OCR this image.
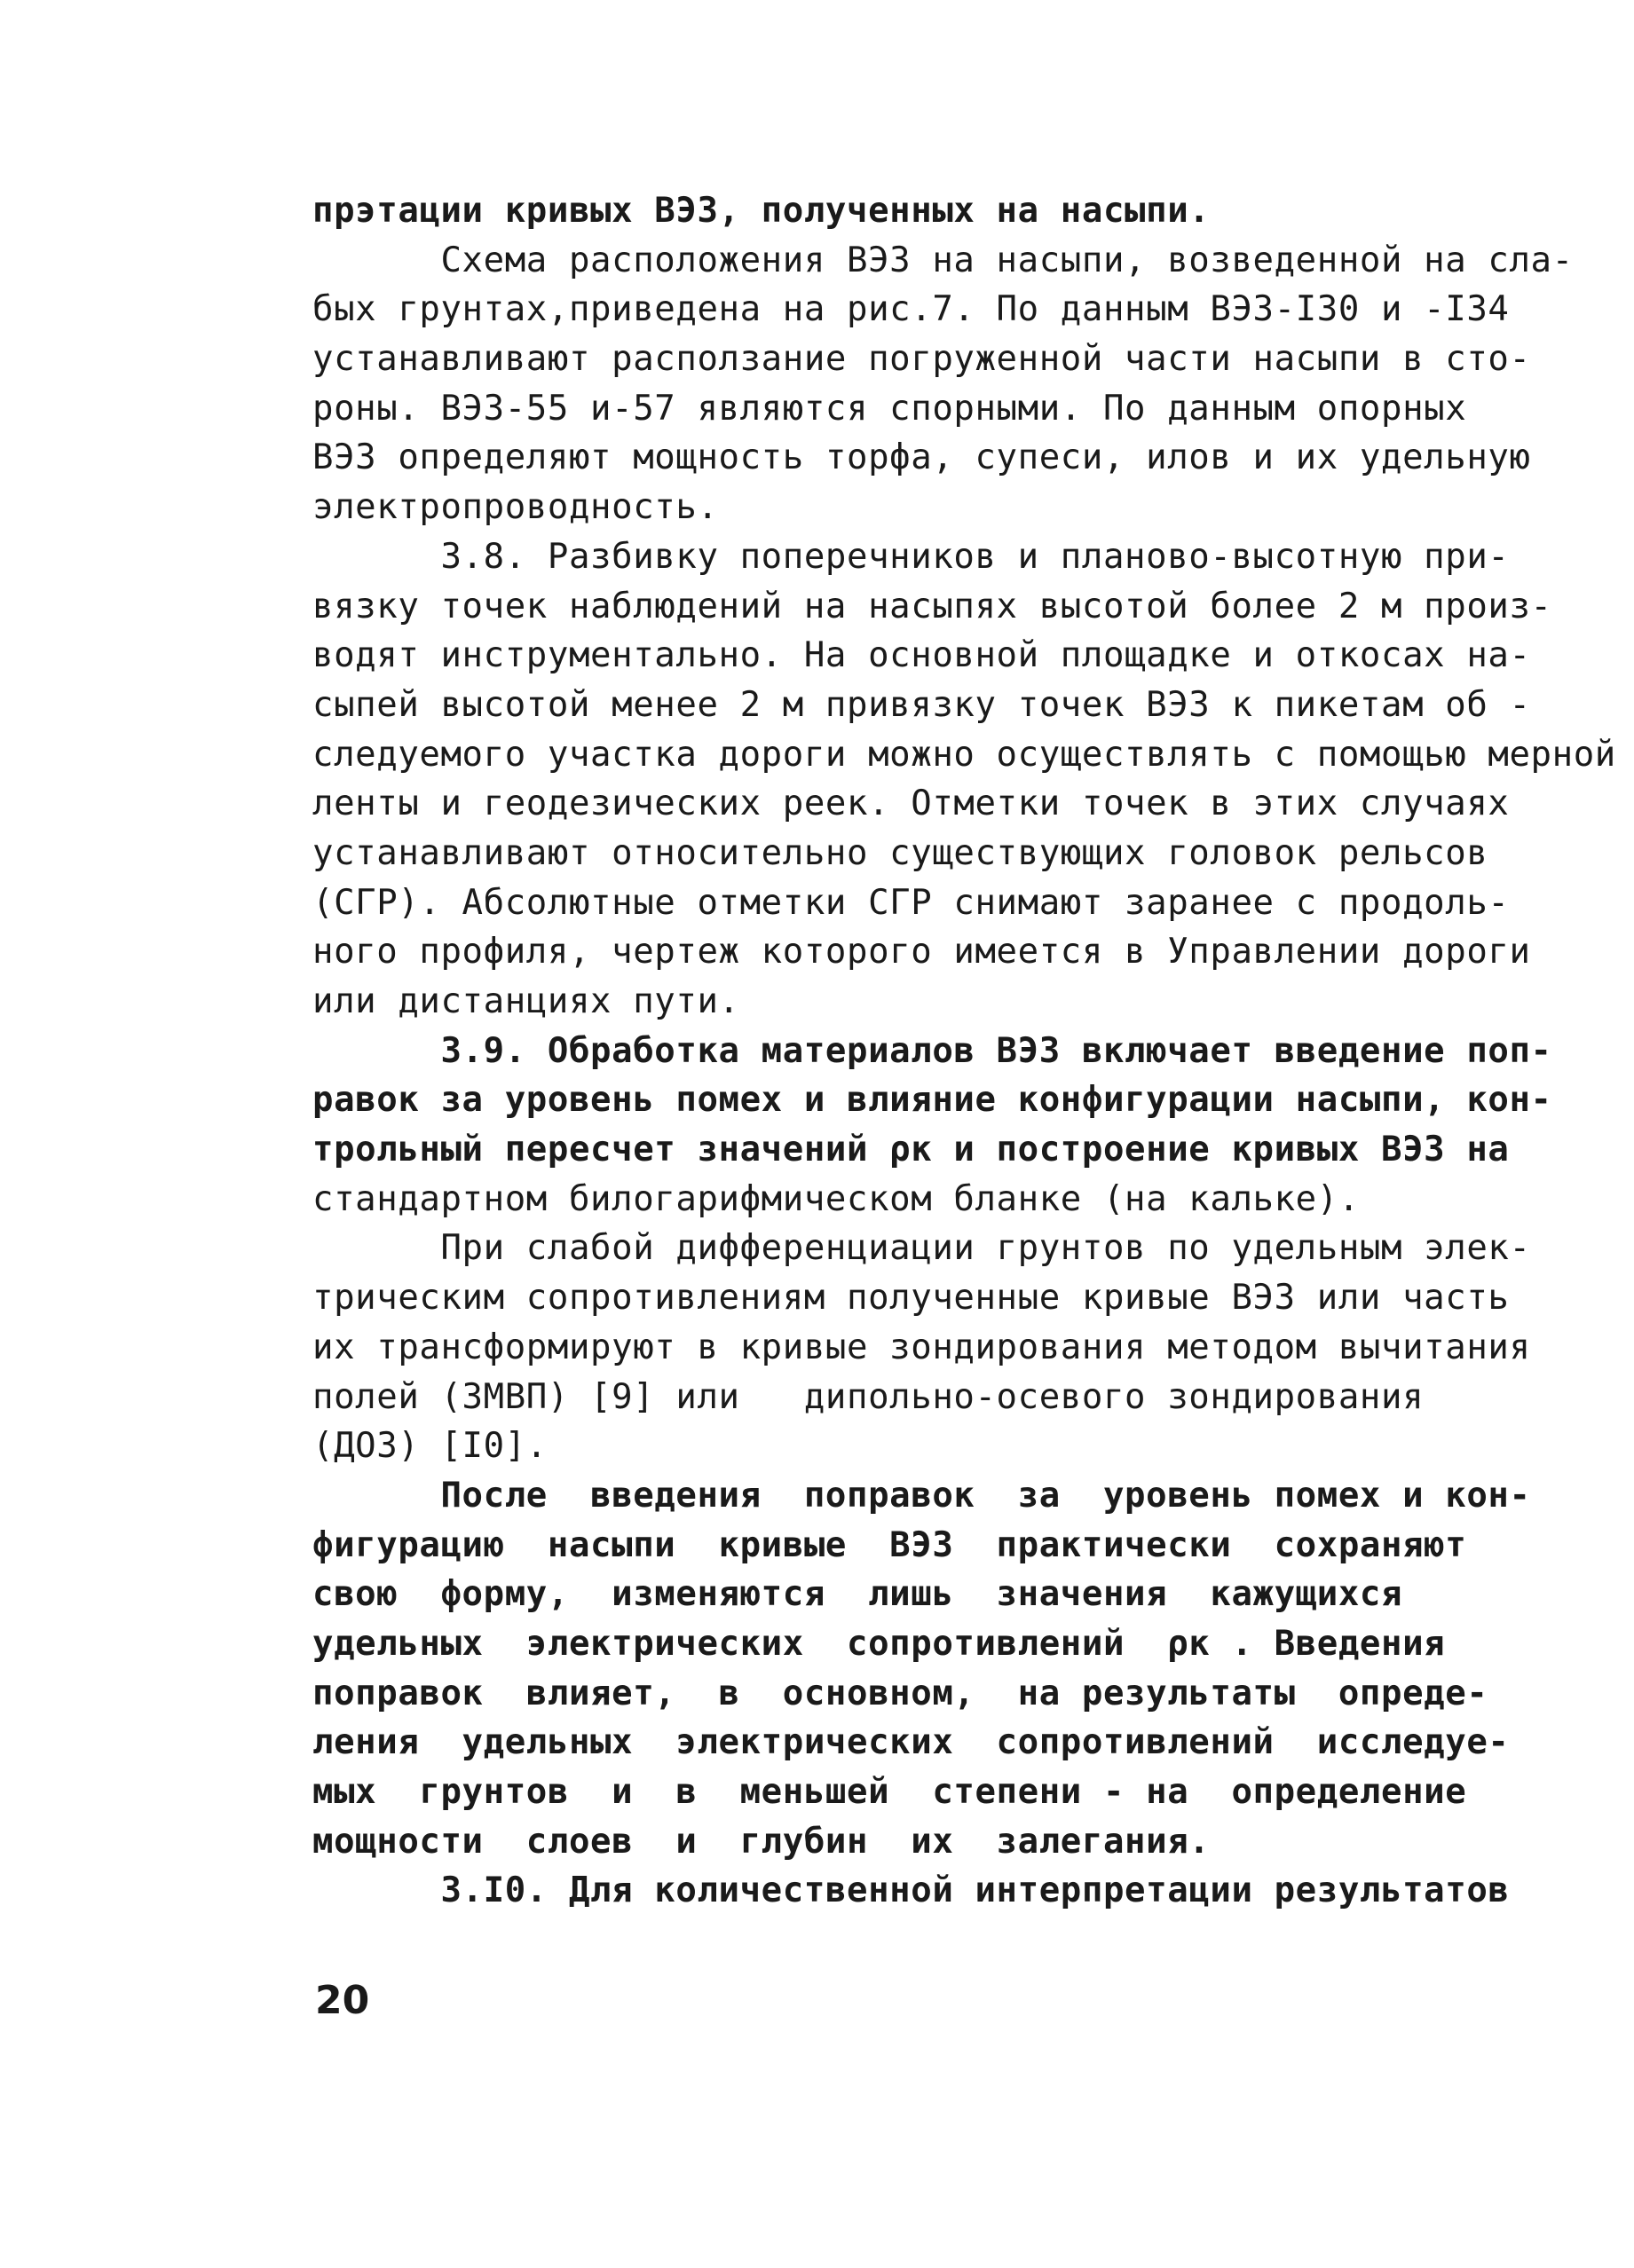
прэтации кривых ВЭЗ, полученных на насыпи.
Схема расположения ВЭЗ на насыпи, возведенной на сла-
бых грунтах,приведена на рис.7. По данным ВЭЗ-I30 и -I34
устанавливают расползание погруженной части насыпи в сто-
роны. ВЭЗ-55 и-57 являются спорными. По данным опорных
ВЭЗ определяют мощность торфа, супеси, илов и их удельную
электропроводность.
3.8. Разбивку поперечников и планово-высотную при-
вязку точек наблюдений на насыпях высотой более 2 м произ-
водят инструментально. На основной площадке и откосах на-
сыпей высотой менее 2 м привязку точек ВЭЗ к пикетам об -
следуемого участка дороги можно осуществлять с помощью мерной
ленты и геодезических реек. Отметки точек в этих случаях
устанавливают относительно существующих головок рельсов
(СГР). Абсолютные отметки СГР снимают заранее с продоль-
ного профиля, чертеж которого имеется в Управлении дороги
или дистанциях пути.
3.9. Обработка материалов ВЭЗ включает введение поп-
равок за уровень помех и влияние конфигурации насыпи, кон-
трольный пересчет значений ρк и построение кривых ВЭЗ на
стандартном билогарифмическом бланке (на кальке).
При слабой дифференциации грунтов по удельным элек-
трическим сопротивлениям полученные кривые ВЭЗ или часть
их трансформируют в кривые зондирования методом вычитания
полей (ЗМВП) [9] или   дипольно-осевого зондирования
(ДОЗ) [I0].
После  введения  поправок  за  уровень помех и кон-
фигурацию  насыпи  кривые  ВЭЗ  практически  сохраняют
свою  форму,  изменяются  лишь  значения  кажущихся
удельных  электрических  сопротивлений  ρк . Введения
поправок  влияет,  в  основном,  на результаты  опреде-
ления  удельных  электрических  сопротивлений  исследуе-
мых  грунтов  и  в  меньшей  степени - на  определение
мощности  слоев  и  глубин  их  залегания.
3.I0. Для количественной интерпретации результатов
20
